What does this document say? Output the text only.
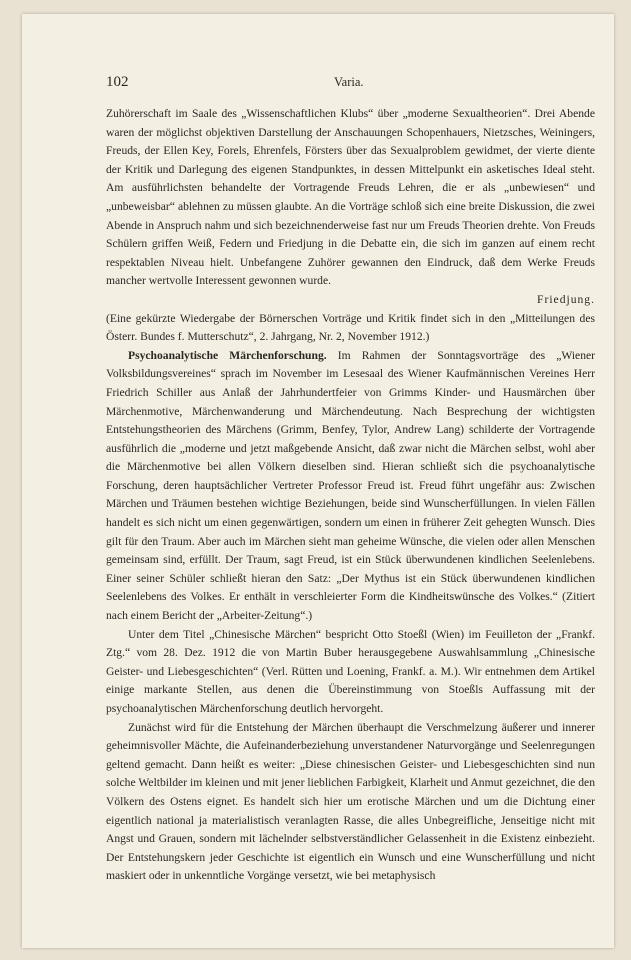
102	Varia.

Zuhörerschaft im Saale des „Wissenschaftlichen Klubs“ über „moderne Sexualtheorien“. Drei Abende waren der möglichst objektiven Darstellung der Anschauungen Schopenhauers, Nietzsches, Weiningers, Freuds, der Ellen Key, Forels, Ehrenfels, Försters über das Sexualproblem gewidmet, der vierte diente der Kritik und Darlegung des eigenen Standpunktes, in dessen Mittelpunkt ein asketisches Ideal steht. Am ausführlichsten behandelte der Vortragende Freuds Lehren, die er als „unbewiesen“ und „unbeweisbar“ ablehnen zu müssen glaubte. An die Vorträge schloß sich eine breite Diskussion, die zwei Abende in Anspruch nahm und sich bezeichnenderweise fast nur um Freuds Theorien drehte. Von Freuds Schülern griffen Weiß, Federn und Friedjung in die Debatte ein, die sich im ganzen auf einem recht respektablen Niveau hielt. Unbefangene Zuhörer gewannen den Eindruck, daß dem Werke Freuds mancher wertvolle Interessent gewonnen wurde.

Friedjung.

(Eine gekürzte Wiedergabe der Börnerschen Vorträge und Kritik findet sich in den „Mitteilungen des Österr. Bundes f. Mutterschutz“, 2. Jahrgang, Nr. 2, November 1912.)

Psychoanalytische Märchenforschung. Im Rahmen der Sonntagsvorträge des „Wiener Volksbildungsvereines“ sprach im November im Lesesaal des Wiener Kaufmännischen Vereines Herr Friedrich Schiller aus Anlaß der Jahrhundertfeier von Grimms Kinder- und Hausmärchen über Märchenmotive, Märchenwanderung und Märchendeutung. Nach Besprechung der wichtigsten Entstehungstheorien des Märchens (Grimm, Benfey, Tylor, Andrew Lang) schilderte der Vortragende ausführlich die „moderne und jetzt maßgebende Ansicht, daß zwar nicht die Märchen selbst, wohl aber die Märchenmotive bei allen Völkern dieselben sind. Hieran schließt sich die psychoanalytische Forschung, deren hauptsächlicher Vertreter Professor Freud ist. Freud führt ungefähr aus: Zwischen Märchen und Träumen bestehen wichtige Beziehungen, beide sind Wunscherfüllungen. In vielen Fällen handelt es sich nicht um einen gegenwärtigen, sondern um einen in früherer Zeit gehegten Wunsch. Dies gilt für den Traum. Aber auch im Märchen sieht man geheime Wünsche, die vielen oder allen Menschen gemeinsam sind, erfüllt. Der Traum, sagt Freud, ist ein Stück überwundenen kindlichen Seelenlebens. Einer seiner Schüler schließt hieran den Satz: „Der Mythus ist ein Stück überwundenen kindlichen Seelenlebens des Volkes. Er enthält in verschleierter Form die Kindheitswünsche des Volkes.“ (Zitiert nach einem Bericht der „Arbeiter-Zeitung“.)

Unter dem Titel „Chinesische Märchen“ bespricht Otto Stoeßl (Wien) im Feuilleton der „Frankf. Ztg.“ vom 28. Dez. 1912 die von Martin Buber herausgegebene Auswahlsammlung „Chinesische Geister- und Liebesgeschichten“ (Verl. Rütten und Loening, Frankf. a. M.). Wir entnehmen dem Artikel einige markante Stellen, aus denen die Übereinstimmung von Stoeßls Auffassung mit der psychoanalytischen Märchenforschung deutlich hervorgeht.

Zunächst wird für die Entstehung der Märchen überhaupt die Verschmelzung äußerer und innerer geheimnisvoller Mächte, die Aufeinanderbeziehung unverstandener Naturvorgänge und Seelenregungen geltend gemacht. Dann heißt es weiter: „Diese chinesischen Geister- und Liebesgeschichten sind nun solche Weltbilder im kleinen und mit jener lieblichen Farbigkeit, Klarheit und Anmut gezeichnet, die den Völkern des Ostens eignet. Es handelt sich hier um erotische Märchen und um die Dichtung einer eigentlich national ja materialistisch veranlagten Rasse, die alles Unbegreifliche, Jenseitige nicht mit Angst und Grauen, sondern mit lächelnder selbstverständlicher Gelassenheit in die Existenz einbezieht. Der Entstehungskern jeder Geschichte ist eigentlich ein Wunsch und eine Wunscherfüllung und nicht maskiert oder in unkenntliche Vorgänge versetzt, wie bei metaphysisch
